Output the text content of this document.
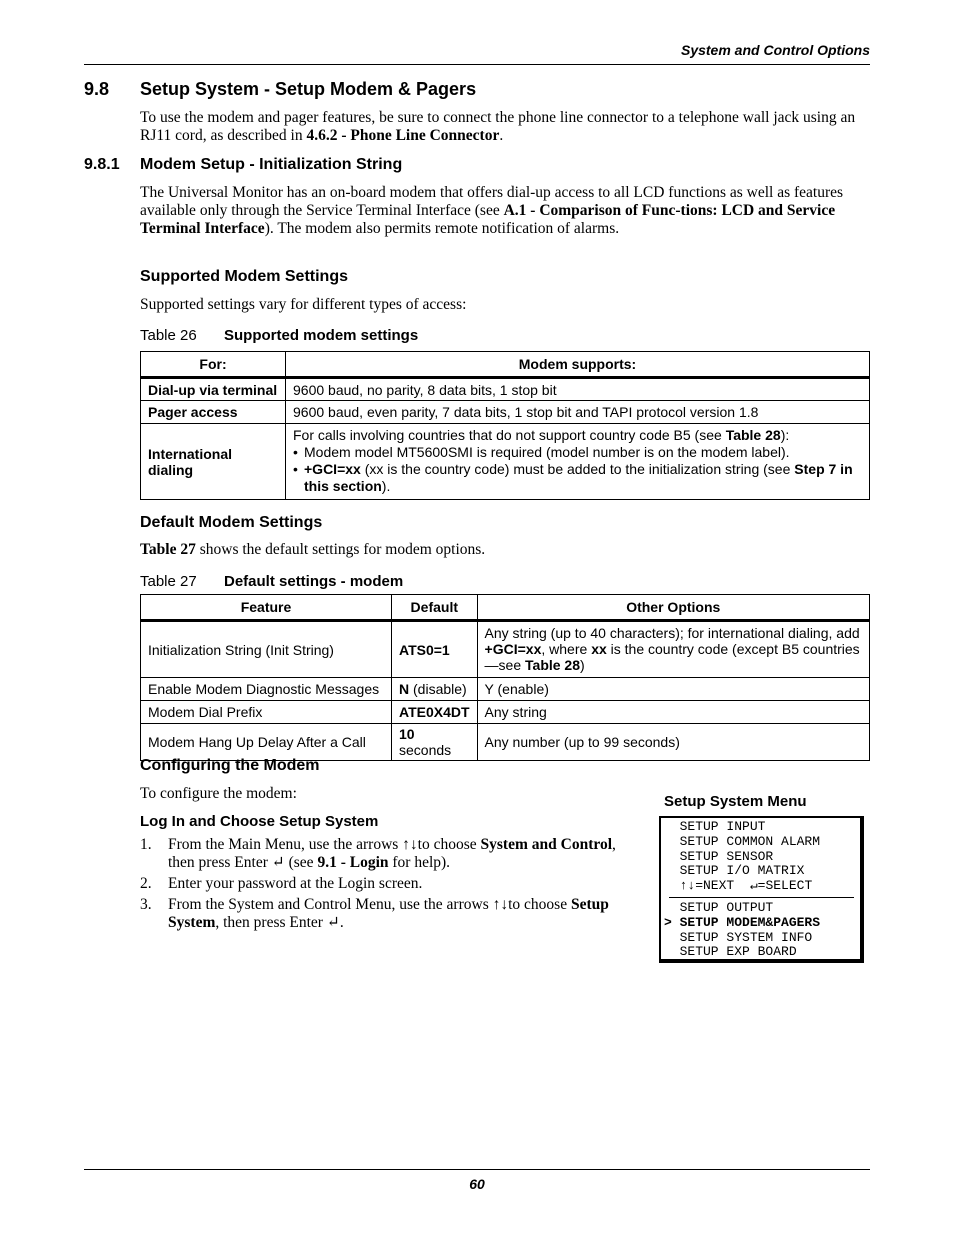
System and Control Options
9.8 Setup System - Setup Modem & Pagers

To use the modem and pager features, be sure to connect the phone line connector to a telephone wall jack using an RJ11 cord, as described in 4.6.2 - Phone Line Connector.

9.8.1 Modem Setup - Initialization String

The Universal Monitor has an on-board modem that offers dial-up access to all LCD functions as well as features available only through the Service Terminal Interface (see A.1 - Comparison of Func-tions: LCD and Service Terminal Interface). The modem also permits remote notification of alarms.

Supported Modem Settings

Supported settings vary for different types of access:

Table 26 Supported modem settings
For:	Modem supports:
Dial-up via terminal	9600 baud, no parity, 8 data bits, 1 stop bit
Pager access	9600 baud, even parity, 7 data bits, 1 stop bit and TAPI protocol version 1.8
International dialing	For calls involving countries that do not support country code B5 (see Table 28):
• Modem model MT5600SMI is required (model number is on the modem label).
• +GCI=xx (xx is the country code) must be added to the initialization string (see Step 7 in this section).
Default Modem Settings

Table 27 shows the default settings for modem options.

Table 27 Default settings - modem
Feature	Default	Other Options
Initialization String (Init String)	ATS0=1	Any string (up to 40 characters); for international dialing, add +GCI=xx, where xx is the country code (except B5 countries—see Table 28)
Enable Modem Diagnostic Messages	N (disable)	Y (enable)
Modem Dial Prefix	ATE0X4DT	Any string
Modem Hang Up Delay After a Call	10 seconds	Any number (up to 99 seconds)
Configuring the Modem

To configure the modem:

Log In and Choose Setup System
1.	From the Main Menu, use the arrows ↑↓to choose System and Control, then press Enter ↵ (see 9.1 - Login for help).
2.	Enter your password at the Login screen.
3.	From the System and Control Menu, use the arrows ↑↓to choose Setup System, then press Enter ↵.
Setup System Menu
SETUP INPUT
SETUP COMMON ALARM
SETUP SENSOR
SETUP I/O MATRIX
↑↓=NEXT  ↵=SELECT
SETUP OUTPUT
> SETUP MODEM&PAGERS
SETUP SYSTEM INFO
SETUP EXP BOARD
60
